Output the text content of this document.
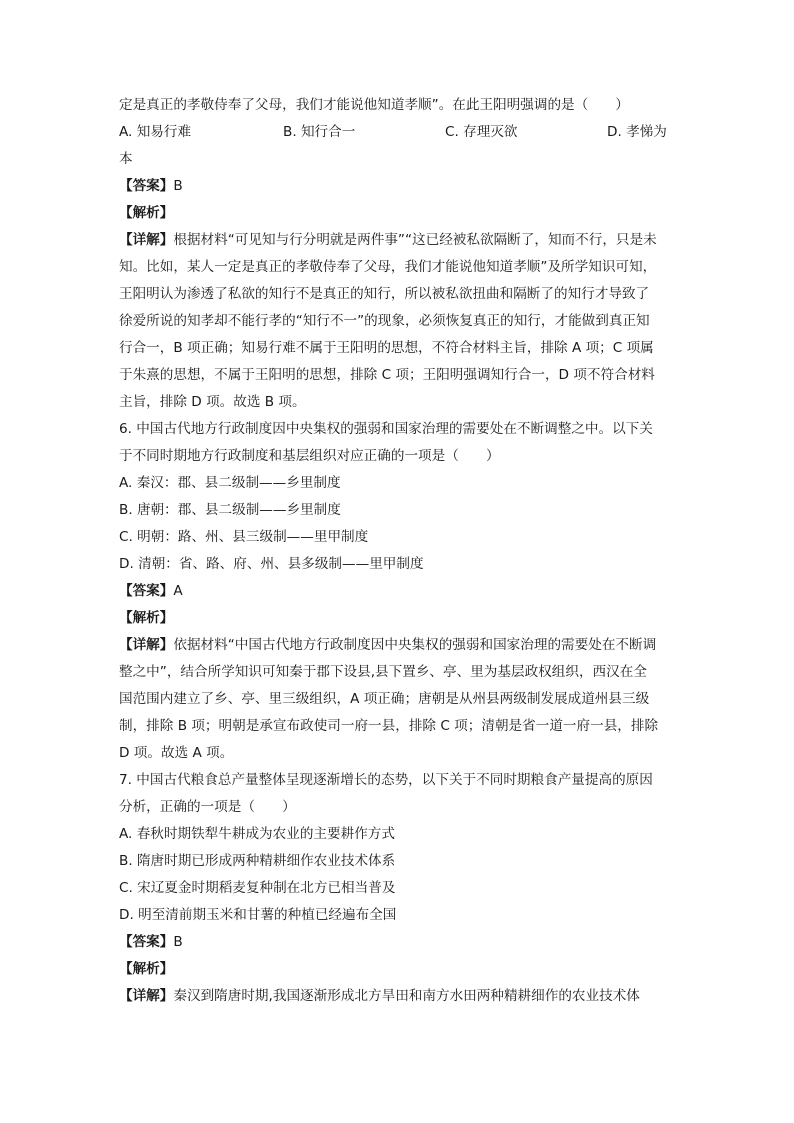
定是真正的孝敬侍奉了父母，我们才能说他知道孝顺”。在此王阳明强调的是（　　）
A. 知易行难	B. 知行合一	C. 存理灭欲	D. 孝悌为
本
【答案】B
【解析】
【详解】根据材料“可见知与行分明就是两件事”“这已经被私欲隔断了，知而不行，只是未
知。比如，某人一定是真正的孝敬侍奉了父母，我们才能说他知道孝顺”及所学知识可知，
王阳明认为渗透了私欲的知行不是真正的知行，所以被私欲扭曲和隔断了的知行才导致了
徐爱所说的知孝却不能行孝的“知行不一”的现象，必须恢复真正的知行，才能做到真正知
行合一，B 项正确；知易行难不属于王阳明的思想，不符合材料主旨，排除 A 项；C 项属
于朱熹的思想，不属于王阳明的思想，排除 C 项；王阳明强调知行合一，D 项不符合材料
主旨，排除 D 项。故选 B 项。
6. 中国古代地方行政制度因中央集权的强弱和国家治理的需要处在不断调整之中。以下关
于不同时期地方行政制度和基层组织对应正确的一项是（　　）
A. 秦汉：郡、县二级制——乡里制度
B. 唐朝：郡、县二级制——乡里制度
C. 明朝：路、州、县三级制——里甲制度
D. 清朝：省、路、府、州、县多级制——里甲制度
【答案】A
【解析】
【详解】依据材料“中国古代地方行政制度因中央集权的强弱和国家治理的需要处在不断调
整之中”，结合所学知识可知秦于郡下设县,县下置乡、亭、里为基层政权组织，西汉在全
国范围内建立了乡、亭、里三级组织，A 项正确；唐朝是从州县两级制发展成道州县三级
制，排除 B 项；明朝是承宣布政使司一府一县，排除 C 项；清朝是省一道一府一县，排除
D 项。故选 A 项。
7. 中国古代粮食总产量整体呈现逐渐增长的态势，以下关于不同时期粮食产量提高的原因
分析，正确的一项是（　　）
A. 春秋时期铁犁牛耕成为农业的主要耕作方式
B. 隋唐时期已形成两种精耕细作农业技术体系
C. 宋辽夏金时期稻麦复种制在北方已相当普及
D. 明至清前期玉米和甘薯的种植已经遍布全国
【答案】B
【解析】
【详解】秦汉到隋唐时期,我国逐渐形成北方旱田和南方水田两种精耕细作的农业技术体
